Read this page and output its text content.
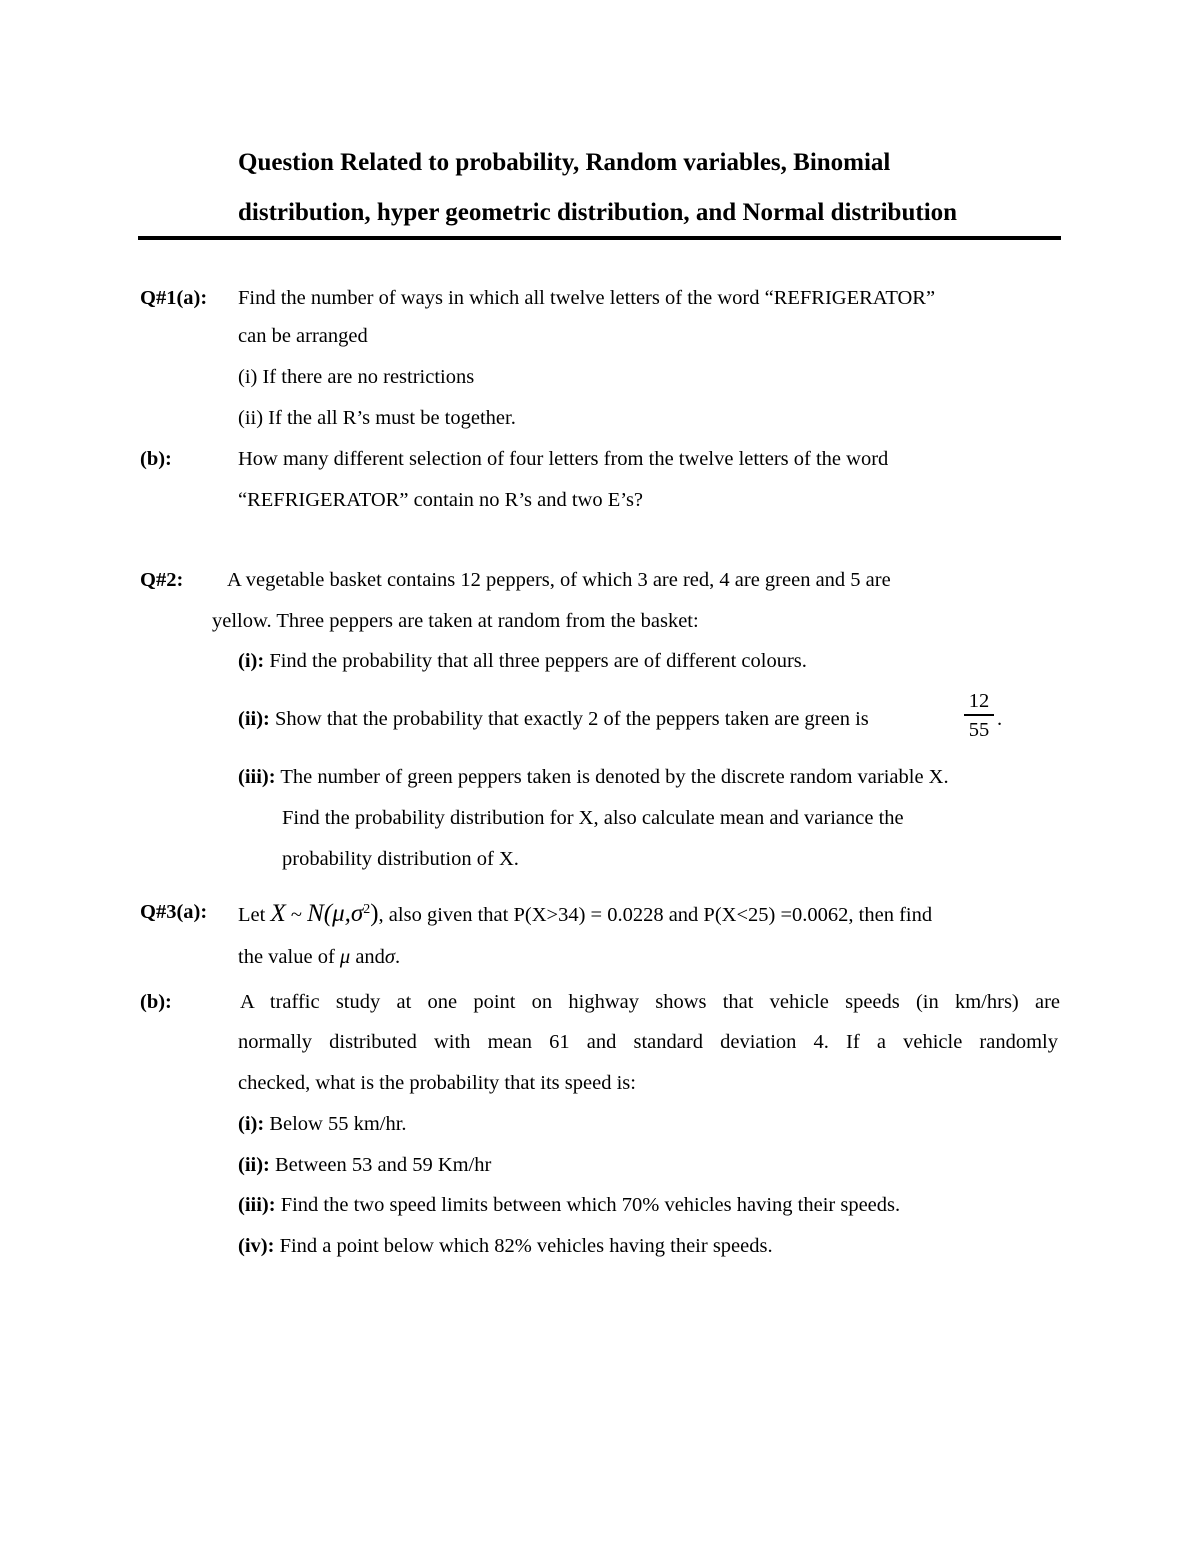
Question Related to probability, Random variables, Binomial
distribution, hyper geometric distribution, and Normal distribution
Q#1(a): Find the number of ways in which all twelve letters of the word “REFRIGERATOR”
can be arranged
(i) If there are no restrictions
(ii) If the all R’s must be together.
(b):	How many different selection of four letters from the twelve letters of the word
“REFRIGERATOR” contain no R’s and two E’s?
Q#2: A vegetable basket contains 12 peppers, of which 3 are red, 4 are green and 5 are
yellow. Three peppers are taken at random from the basket:
(i): Find the probability that all three peppers are of different colours.
(ii): Show that the probability that exactly 2 of the peppers taken are green is
12
55 .
(iii): The number of green peppers taken is denoted by the discrete random variable X.
Find the probability distribution for X, also calculate mean and variance the
probability distribution of X.
Q#3(a): Let X ~ $N(\mu,\sigma^2)$, also given that P(X>34) = 0.0228 and P(X<25) =0.0062, then find
the value of μ andσ.
(b):	A traffic study at one point on highway shows that vehicle speeds (in km/hrs) are
normally distributed with mean 61 and standard deviation 4. If a vehicle randomly
checked, what is the probability that its speed is:
(i): Below 55 km/hr.
(ii): Between 53 and 59 Km/hr
(iii): Find the two speed limits between which 70% vehicles having their speeds.
(iv): Find a point below which 82% vehicles having their speeds.
